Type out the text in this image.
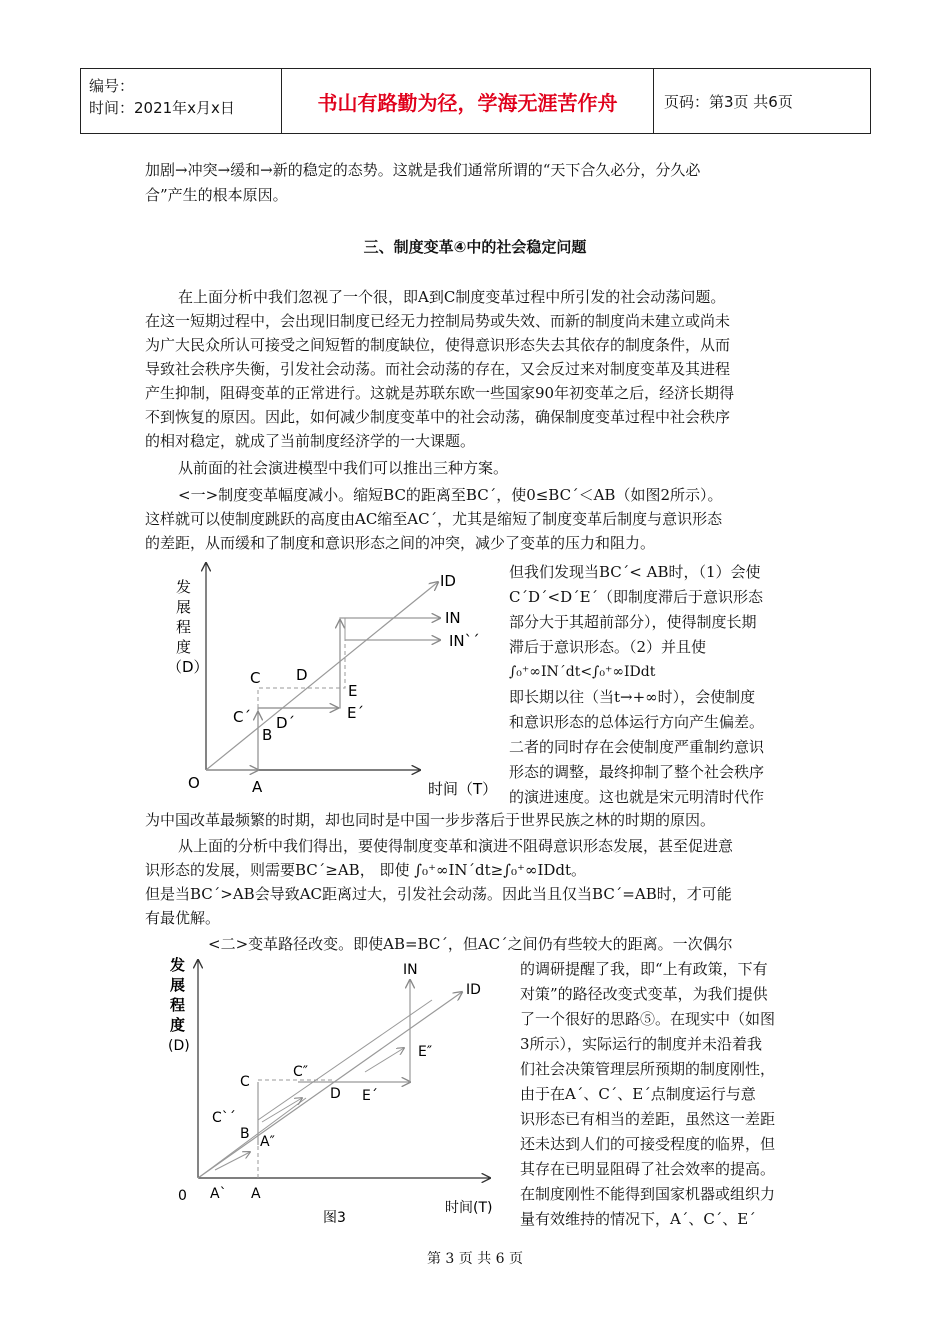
编号：
时间：2021年x月x日	书山有路勤为径，学海无涯苦作舟	页码：第3页 共6页
加剧→冲突→缓和→新的稳定的态势。这就是我们通常所谓的“天下合久必分，分久必
合”产生的根本原因。
三、制度变革④中的社会稳定问题
在上面分析中我们忽视了一个很，即A到C制度变革过程中所引发的社会动荡问题。
在这一短期过程中，会出现旧制度已经无力控制局势或失效、而新的制度尚未建立或尚未
为广大民众所认可接受之间短暂的制度缺位，使得意识形态失去其依存的制度条件，从而
导致社会秩序失衡，引发社会动荡。而社会动荡的存在，又会反过来对制度变革及其进程
产生抑制，阻碍变革的正常进行。这就是苏联东欧一些国家90年初变革之后，经济长期得
不到恢复的原因。因此，如何减少制度变革中的社会动荡，确保制度变革过程中社会秩序
的相对稳定，就成了当前制度经济学的一大课题。
从前面的社会演进模型中我们可以推出三种方案。
<一>制度变革幅度减小。缩短BC的距离至BC´，使0≤BC´＜AB（如图2所示）。
这样就可以使制度跳跃的高度由AC缩至AC´，尤其是缩短了制度变革后制度与意识形态
的差距，从而缓和了制度和意识形态之间的冲突，减少了变革的压力和阻力。
发
展
程
度
（D）
O	A
B
C
C´
D
D´
E
E´
ID
IN
IN`´
时间（T）
但我们发现当BC´< AB时，（1）会使
C´D´<D´E´（即制度滞后于意识形态
部分大于其超前部分），使得制度长期
滞后于意识形态。（2）并且使
∫₀⁺∞IN´dt<∫₀⁺∞IDdt
即长期以往（当t→+∞时），会使制度
和意识形态的总体运行方向产生偏差。
二者的同时存在会使制度严重制约意识
形态的调整，最终抑制了整个社会秩序
的演进速度。这也就是宋元明清时代作
为中国改革最频繁的时期，却也同时是中国一步步落后于世界民族之林的时期的原因。
从上面的分析中我们得出，要使得制度变革和演进不阻碍意识形态发展，甚至促进意
识形态的发展，则需要BC´≥AB， 即使 ∫₀⁺∞IN´dt≥∫₀⁺∞IDdt。
但是当BC´>AB会导致AC距离过大，引发社会动荡。因此当且仅当BC´=AB时，才可能
有最优解。
<二>变革路径改变。即使AB=BC´，但AC´之间仍有些较大的距离。一次偶尔
发
展
程
度
(D)
0 A` A
A″
B
C
C`´
C″
D E´
E″
IN
ID
时间(T)
图3
的调研提醒了我，即“上有政策，下有
对策”的路径改变式变革，为我们提供
了一个很好的思路⑤。在现实中（如图
3所示），实际运行的制度并未沿着我
们社会决策管理层所预期的制度刚性，
由于在A´、C´、E´点制度运行与意
识形态已有相当的差距，虽然这一差距
还未达到人们的可接受程度的临界，但
其存在已明显阻碍了社会效率的提高。
在制度刚性不能得到国家机器或组织力
量有效维持的情况下，A´、C´、E´
第 3 页 共 6 页
